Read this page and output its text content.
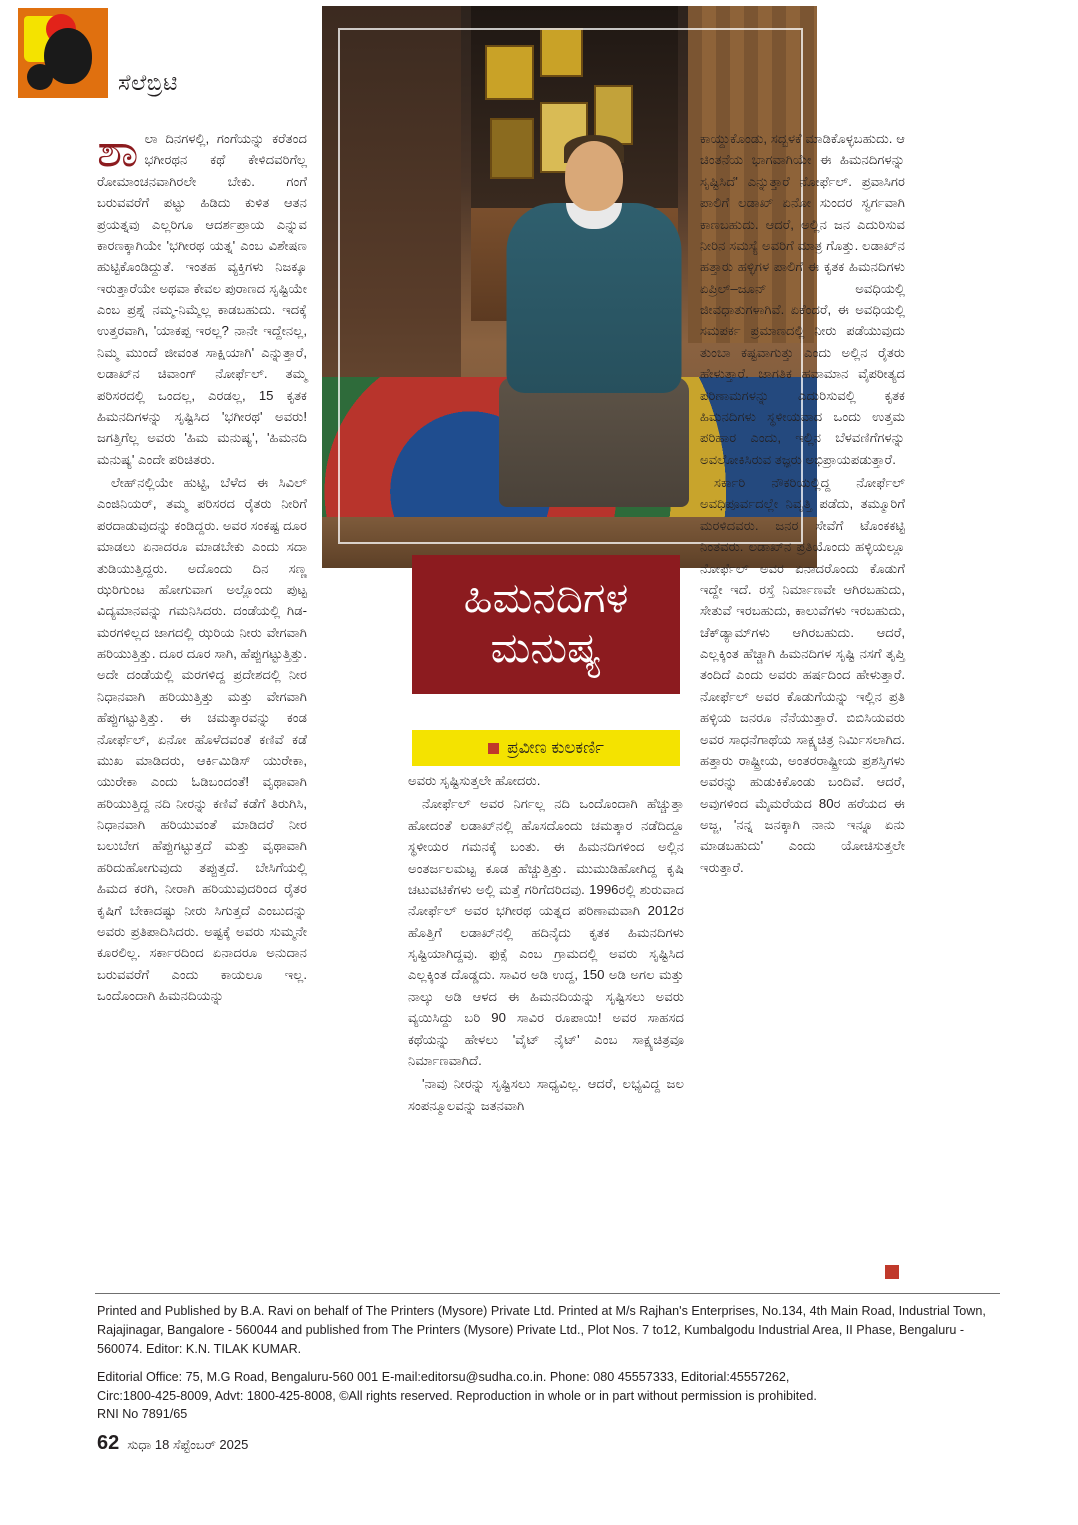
ಸೆಲೆಬ್ರಿಟಿ
ಹಿಮನದಿಗಳ
ಮನುಷ್ಯ
ಪ್ರವೀಣ ಕುಲಕರ್ಣಿ

ಶಾಲಾ ದಿನಗಳಲ್ಲಿ, ಗಂಗೆಯನ್ನು ಕರೆತಂದ ಭಗೀರಥನ ಕಥೆ ಕೇಳಿದವರಿಗೆಲ್ಲ ರೋಮಾಂಚನವಾಗಿರಲೇ ಬೇಕು. ಗಂಗೆ ಬರುವವರೆಗೆ ಪಟ್ಟು ಹಿಡಿದು ಕುಳಿತ ಆತನ ಪ್ರಯತ್ನವು ಎಲ್ಲರಿಗೂ ಆದರ್ಶಪ್ರಾಯ ಎನ್ನುವ ಕಾರಣಕ್ಕಾಗಿಯೇ 'ಭಗೀರಥ ಯತ್ನ' ಎಂಬ ವಿಶೇಷಣ ಹುಟ್ಟಿಕೊಂಡಿದ್ದುತೆ. ಇಂತಹ ವ್ಯಕ್ತಿಗಳು ನಿಜಕ್ಕೂ ಇರುತ್ತಾರೆಯೇ ಅಥವಾ ಕೇವಲ ಪುರಾಣದ ಸೃಷ್ಟಿಯೇ ಎಂಬ ಪ್ರಶ್ನೆ ನಮ್ಮ-ನಿಮ್ಮೆಲ್ಲ ಕಾಡಬಹುದು. ಇದಕ್ಕೆ ಉತ್ತರವಾಗಿ, 'ಯಾಕಪ್ಪ ಇರಲ್ಲ? ನಾನೇ ಇದ್ದೇನಲ್ಲ, ನಿಮ್ಮ ಮುಂದೆ ಜೀವಂತ ಸಾಕ್ಷಿಯಾಗಿ' ಎನ್ನುತ್ತಾರೆ, ಲಡಾಖ್‌ನ ಚಿವಾಂಗ್ ನೋರ್ಫೆಲ್. ತಮ್ಮ ಪರಿಸರದಲ್ಲಿ ಒಂದಲ್ಲ, ಎರಡಲ್ಲ, 15 ಕೃತಕ ಹಿಮನದಿಗಳನ್ನು ಸೃಷ್ಟಿಸಿದ 'ಭಗೀರಥ' ಅವರು! ಜಗತ್ತಿಗೆಲ್ಲ ಅವರು 'ಹಿಮ ಮನುಷ್ಯ', 'ಹಿಮನದಿ ಮನುಷ್ಯ' ಎಂದೇ ಪರಿಚಿತರು.

ಲೇಹ್‌ನಲ್ಲಿಯೇ ಹುಟ್ಟಿ, ಬೆಳೆದ ಈ ಸಿವಿಲ್ ಎಂಜಿನಿಯರ್, ತಮ್ಮ ಪರಿಸರದ ರೈತರು ನೀರಿಗೆ ಪರದಾಡುವುದನ್ನು ಕಂಡಿದ್ದರು. ಅವರ ಸಂಕಷ್ಟ ದೂರ ಮಾಡಲು ಏನಾದರೂ ಮಾಡಬೇಕು ಎಂದು ಸದಾ ತುಡಿಯುತ್ತಿದ್ದರು. ಅದೊಂದು ದಿನ ಸಣ್ಣ ಝರಿಗುಂಟ ಹೋಗುವಾಗ ಅಲ್ಲೊಂದು ಪುಟ್ಟ ವಿದ್ಯಮಾನವನ್ನು ಗಮನಿಸಿದರು. ದಂಡೆಯಲ್ಲಿ ಗಿಡ-ಮರಗಳಿಲ್ಲದ ಜಾಗದಲ್ಲಿ ಝರಿಯ ನೀರು ವೇಗವಾಗಿ ಹರಿಯುತ್ತಿತ್ತು. ದೂರ ದೂರ ಸಾಗಿ, ಹೆಪ್ಪುಗಟ್ಟುತ್ತಿತ್ತು. ಅದೇ ದಂಡೆಯಲ್ಲಿ ಮರಗಳಿದ್ದ ಪ್ರದೇಶದಲ್ಲಿ ನೀರ ನಿಧಾನವಾಗಿ ಹರಿಯುತ್ತಿತ್ತು ಮತ್ತು ವೇಗವಾಗಿ ಹೆಪ್ಪುಗಟ್ಟುತ್ತಿತ್ತು. ಈ ಚಮತ್ಕಾರವನ್ನು ಕಂಡ ನೋರ್ಫೆಲ್, ಏನೋ ಹೊಳೆದವಂತೆ ಕಣಿವೆ ಕಡೆ ಮುಖ ಮಾಡಿದರು, ಆರ್ಕಿಮಿಡಿಸ್ ಯುರೇಕಾ, ಯುರೇಕಾ ಎಂದು ಓಡಿಬಂದಂತೆ! ವೃಥಾವಾಗಿ ಹರಿಯುತ್ತಿದ್ದ ನದಿ ನೀರನ್ನು ಕಣಿವೆ ಕಡೆಗೆ ತಿರುಗಿಸಿ, ನಿಧಾನವಾಗಿ ಹರಿಯುವಂತೆ ಮಾಡಿದರೆ ನೀರ ಬಲುಬೇಗ ಹೆಪ್ಪುಗಟ್ಟುತ್ತದೆ ಮತ್ತು ವೃಥಾವಾಗಿ ಹರಿದುಹೋಗುವುದು ತಪ್ಪುತ್ತದೆ. ಬೇಸಿಗೆಯಲ್ಲಿ ಹಿಮದ ಕರಗಿ, ನೀರಾಗಿ ಹರಿಯುವುದರಿಂದ ರೈತರ ಕೃಷಿಗೆ ಬೇಕಾದಷ್ಟು ನೀರು ಸಿಗುತ್ತದೆ ಎಂಬುದನ್ನು ಅವರು ಪ್ರತಿಪಾದಿಸಿದರು. ಅಷ್ಟಕ್ಕೆ ಅವರು ಸುಮ್ಮನೇ ಕೂರಲಿಲ್ಲ. ಸರ್ಕಾರದಿಂದ ಏನಾದರೂ ಅನುದಾನ ಬರುವವರೆಗೆ ಎಂದು ಕಾಯಲೂ ಇಲ್ಲ. ಒಂದೊಂದಾಗಿ ಹಿಮನದಿಯನ್ನು

ಅವರು ಸೃಷ್ಟಿಸುತ್ತಲೇ ಹೋದರು.

ನೋರ್ಫೆಲ್ ಅವರ ನಿರ್ಗಲ್ಲ ನದಿ ಒಂದೊಂದಾಗಿ ಹೆಚ್ಚುತ್ತಾ ಹೋದಂತೆ ಲಡಾಖ್‌ನಲ್ಲಿ ಹೊಸದೊಂದು ಚಮತ್ಕಾರ ನಡೆದಿದ್ದೂ ಸ್ಥಳೀಯರ ಗಮನಕ್ಕೆ ಬಂತು. ಈ ಹಿಮನದಿಗಳಿಂದ ಅಲ್ಲಿನ ಅಂತರ್ಜಲಮಟ್ಟ ಕೂಡ ಹೆಚ್ಚುತ್ತಿತ್ತು. ಮುಮುಡಿಹೋಗಿದ್ದ ಕೃಷಿ ಚಟುವಟಿಕೆಗಳು ಅಲ್ಲಿ ಮತ್ತೆ ಗರಿಗೆದರಿದವು. 1996ರಲ್ಲಿ ಶುರುವಾದ ನೋರ್ಫೆಲ್ ಅವರ ಭಗೀರಥ ಯತ್ನದ ಪರಿಣಾಮವಾಗಿ 2012ರ ಹೊತ್ತಿಗೆ ಲಡಾಖ್‌ನಲ್ಲಿ ಹದಿನೈದು ಕೃತಕ ಹಿಮನದಿಗಳು ಸೃಷ್ಟಿಯಾಗಿದ್ದವು. ಫುಕ್ಸೆ ಎಂಬ ಗ್ರಾಮದಲ್ಲಿ ಅವರು ಸೃಷ್ಟಿಸಿದ ಎಲ್ಲಕ್ಕಿಂತ ದೊಡ್ಡದು. ಸಾವಿರ ಅಡಿ ಉದ್ದ, 150 ಅಡಿ ಅಗಲ ಮತ್ತು ನಾಲ್ಕು ಅಡಿ ಆಳದ ಈ ಹಿಮನದಿಯನ್ನು ಸೃಷ್ಟಿಸಲು ಅವರು ವ್ಯಯಿಸಿದ್ದು ಬರಿ 90 ಸಾವಿರ ರೂಪಾಯಿ! ಅವರ ಸಾಹಸದ ಕಥೆಯನ್ನು ಹೇಳಲು 'ವೈಟ್ ನೈಟ್' ಎಂಬ ಸಾಕ್ಷ್ಯಚಿತ್ರವೂ ನಿರ್ಮಾಣವಾಗಿದೆ.

'ನಾವು ನೀರನ್ನು ಸೃಷ್ಟಿಸಲು ಸಾಧ್ಯವಿಲ್ಲ. ಆದರೆ, ಲಭ್ಯವಿದ್ದ ಜಲ ಸಂಪನ್ಮೂಲವನ್ನು ಜತನವಾಗಿ

ಕಾಯ್ದುಕೊಂಡು, ಸದ್ಬಳಕೆ ಮಾಡಿಕೊಳ್ಳಬಹುದು. ಆ ಚಿಂತನೆಯ ಭಾಗವಾಗಿಯೇ ಈ ಹಿಮನದಿಗಳನ್ನು ಸೃಷ್ಟಿಸಿದೆ' ಎನ್ನುತ್ತಾರೆ ನೋರ್ಫೆಲ್. ಪ್ರವಾಸಿಗರ ಪಾಲಿಗೆ ಲಡಾಖ್ ಏನೋ ಸುಂದರ ಸ್ವರ್ಗವಾಗಿ ಕಾಣಬಹುದು. ಆದರೆ, ಅಲ್ಲಿನ ಜನ ಎದುರಿಸುವ ನೀರಿನ ಸಮಸ್ಯೆ ಅವರಿಗೆ ಮಾತ್ರ ಗೊತ್ತು. ಲಡಾಖ್‌ನ ಹತ್ತಾರು ಹಳ್ಳಿಗಳ ಪಾಲಿಗೆ ಈ ಕೃತಕ ಹಿಮನದಿಗಳು ಏಪ್ರಿಲ್–ಜೂನ್ ಅವಧಿಯಲ್ಲಿ ಜೀವಧಾತುಗಳಾಗಿವೆ. ಏಕೆಂದರೆ, ಈ ಅವಧಿಯಲ್ಲಿ ಸಮಪರ್ಕ ಪ್ರಮಾಣದಲ್ಲಿ ನೀರು ಪಡೆಯುವುದು ತುಂಬಾ ಕಷ್ಟವಾಗುತ್ತು ಎಂದು ಅಲ್ಲಿನ ರೈತರು ಹೇಳುತ್ತಾರೆ. ಜಾಗತಿಕ ಹವಾಮಾನ ವೈಪರೀತ್ಯದ ಪರಿಣಾಮಗಳನ್ನು ಎದುರಿಸುವಲ್ಲಿ ಕೃತಕ ಹಿಮನದಿಗಳು ಸ್ಥಳೀಯವಾದ ಒಂದು ಉತ್ತಮ ಪರಿಹಾರ ಎಂದು, ಇಲ್ಲಿನ ಬೆಳವಣಿಗೆಗಳನ್ನು ಅವಲೋಕಿಸಿರುವ ತಜ್ಞರು ಅಭಿಪ್ರಾಯಪಡುತ್ತಾರೆ.

ಸರ್ಕಾರಿ ನೌಕರಿಯಲ್ಲಿದ್ದ ನೋರ್ಫೆಲ್ ಅವಧಿಪೂರ್ವದಲ್ಲೇ ನಿವೃತ್ತಿ ಪಡೆದು, ತಮ್ಮೂರಿಗೆ ಮರಳಿದವರು. ಜನರ ಸೇವೆಗೆ ಟೊಂಕಕಟ್ಟಿ ನಿಂತವರು. ಲಡಾಖ್‌ನ ಪ್ರತಿಯೊಂದು ಹಳ್ಳಿಯಲ್ಲೂ ನೋರ್ಫೆಲ್ ಅವರ ಏನಾದರೊಂದು ಕೊಡುಗೆ ಇದ್ದೇ ಇದೆ. ರಸ್ತೆ ನಿರ್ಮಾಣವೇ ಆಗಿರಬಹುದು, ಸೇತುವೆ ಇರಬಹುದು, ಕಾಲುವೆಗಳು ಇರಬಹುದು, ಚೆಕ್‌ಡ್ಯಾಮ್‌ಗಳು ಆಗಿರಬಹುದು. ಆದರೆ, ಎಲ್ಲಕ್ಕಿಂತ ಹೆಚ್ಚಾಗಿ ಹಿಮನದಿಗಳ ಸೃಷ್ಟಿ ನಸಗೆ ತೃಪ್ತಿ ತಂದಿದೆ ಎಂದು ಅವರು ಹರ್ಷದಿಂದ ಹೇಳುತ್ತಾರೆ. ನೋರ್ಫೆಲ್ ಅವರ ಕೊಡುಗೆಯನ್ನು ಇಲ್ಲಿನ ಪ್ರತಿ ಹಳ್ಳಿಯ ಜನರೂ ನೆನೆಯುತ್ತಾರೆ. ಬಿಬಿಸಿಯವರು ಅವರ ಸಾಧನೆಗಾಥೆಯ ಸಾಕ್ಷ್ಯಚಿತ್ರ ನಿರ್ಮಿಸಲಾಗಿದ. ಹತ್ತಾರು ರಾಷ್ಟ್ರೀಯ, ಅಂತರರಾಷ್ಟ್ರೀಯ ಪ್ರಶಸ್ತಿಗಳು ಅವರನ್ನು ಹುಡುಕಿಕೊಂಡು ಬಂದಿವೆ. ಆದರೆ, ಅವುಗಳಿಂದ ಮೈಮರೆಯದ 80ರ ಹರೆಯದ ಈ ಅಜ್ಜ, 'ನನ್ನ ಜನಕ್ಕಾಗಿ ನಾನು ಇನ್ನೂ ಏನು ಮಾಡಬಹುದು' ಎಂದು ಯೋಚಿಸುತ್ತಲೇ ಇರುತ್ತಾರೆ.

Printed and Published by B.A. Ravi on behalf of The Printers (Mysore) Private Ltd. Printed at M/s Rajhan's Enterprises, No.134, 4th Main Road, Industrial Town, Rajajinagar, Bangalore - 560044 and published from The Printers (Mysore) Private Ltd., Plot Nos. 7 to12, Kumbalgodu Industrial Area, II Phase, Bengaluru - 560074. Editor: K.N. TILAK KUMAR.

Editorial Office: 75, M.G Road, Bengaluru-560 001 E-mail:editorsu@sudha.co.in. Phone: 080 45557333, Editorial:45557262,

Circ:1800-425-8009, Advt: 1800-425-8008, ©All rights reserved. Reproduction in whole or in part without permission is prohibited.

RNI No 7891/65

62 ಸುಧಾ 18 ಸೆಪ್ಟೆಂಬರ್ 2025
